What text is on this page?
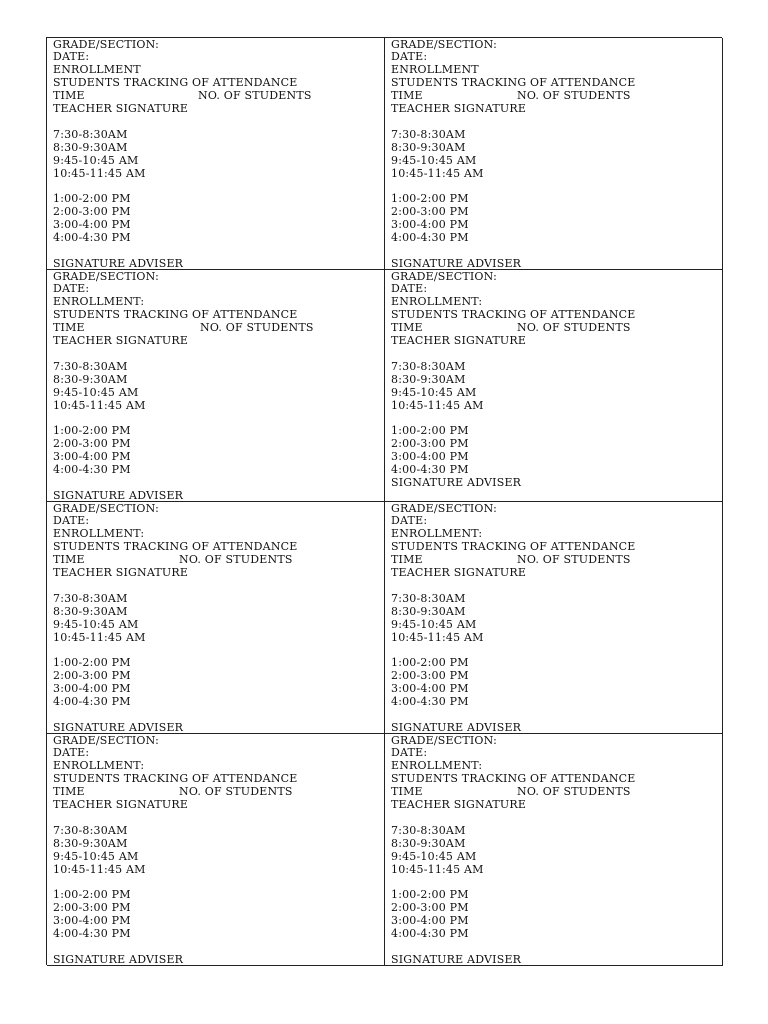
GRADE/SECTION:
DATE:
ENROLLMENT
STUDENTS TRACKING OF ATTENDANCE
TIME	NO. OF STUDENTS
TEACHER SIGNATURE
7:30-8:30AM
8:30-9:30AM
9:45-10:45 AM
10:45-11:45 AM
1:00-2:00 PM
2:00-3:00 PM
3:00-4:00 PM
4:00-4:30 PM
SIGNATURE ADVISER
GRADE/SECTION:
DATE:
ENROLLMENT
STUDENTS TRACKING OF ATTENDANCE
TIME	NO. OF STUDENTS
TEACHER SIGNATURE
7:30-8:30AM
8:30-9:30AM
9:45-10:45 AM
10:45-11:45 AM
1:00-2:00 PM
2:00-3:00 PM
3:00-4:00 PM
4:00-4:30 PM
SIGNATURE ADVISER
GRADE/SECTION:
DATE:
ENROLLMENT:
STUDENTS TRACKING OF ATTENDANCE
TIME	NO. OF STUDENTS
TEACHER SIGNATURE
7:30-8:30AM
8:30-9:30AM
9:45-10:45 AM
10:45-11:45 AM
1:00-2:00 PM
2:00-3:00 PM
3:00-4:00 PM
4:00-4:30 PM
SIGNATURE ADVISER
GRADE/SECTION:
DATE:
ENROLLMENT:
STUDENTS TRACKING OF ATTENDANCE
TIME	NO. OF STUDENTS
TEACHER SIGNATURE
7:30-8:30AM
8:30-9:30AM
9:45-10:45 AM
10:45-11:45 AM
1:00-2:00 PM
2:00-3:00 PM
3:00-4:00 PM
4:00-4:30 PM
SIGNATURE ADVISER
GRADE/SECTION:
DATE:
ENROLLMENT:
STUDENTS TRACKING OF ATTENDANCE
TIME	NO. OF STUDENTS
TEACHER SIGNATURE
7:30-8:30AM
8:30-9:30AM
9:45-10:45 AM
10:45-11:45 AM
1:00-2:00 PM
2:00-3:00 PM
3:00-4:00 PM
4:00-4:30 PM
SIGNATURE ADVISER
GRADE/SECTION:
DATE:
ENROLLMENT:
STUDENTS TRACKING OF ATTENDANCE
TIME	NO. OF STUDENTS
TEACHER SIGNATURE
7:30-8:30AM
8:30-9:30AM
9:45-10:45 AM
10:45-11:45 AM
1:00-2:00 PM
2:00-3:00 PM
3:00-4:00 PM
4:00-4:30 PM
SIGNATURE ADVISER
GRADE/SECTION:
DATE:
ENROLLMENT:
STUDENTS TRACKING OF ATTENDANCE
TIME	NO. OF STUDENTS
TEACHER SIGNATURE
7:30-8:30AM
8:30-9:30AM
9:45-10:45 AM
10:45-11:45 AM
1:00-2:00 PM
2:00-3:00 PM
3:00-4:00 PM
4:00-4:30 PM
SIGNATURE ADVISER
GRADE/SECTION:
DATE:
ENROLLMENT:
STUDENTS TRACKING OF ATTENDANCE
TIME	NO. OF STUDENTS
TEACHER SIGNATURE
7:30-8:30AM
8:30-9:30AM
9:45-10:45 AM
10:45-11:45 AM
1:00-2:00 PM
2:00-3:00 PM
3:00-4:00 PM
4:00-4:30 PM
SIGNATURE ADVISER
